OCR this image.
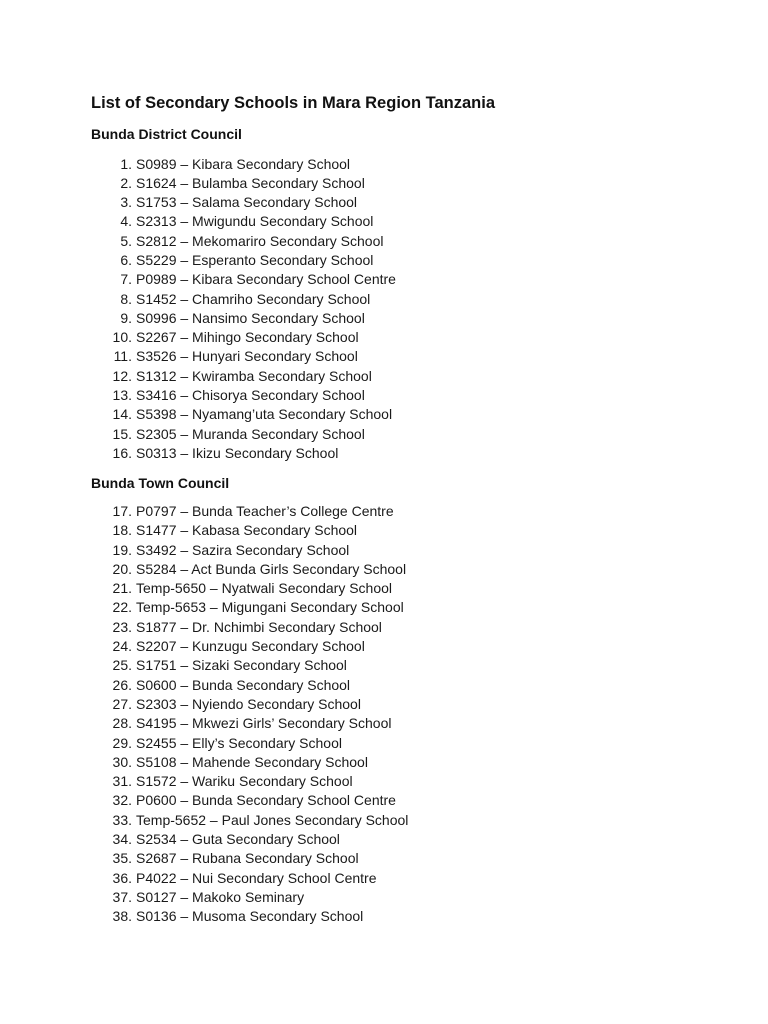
List of Secondary Schools in Mara Region Tanzania
Bunda District Council
1. S0989 – Kibara Secondary School
2. S1624 – Bulamba Secondary School
3. S1753 – Salama Secondary School
4. S2313 – Mwigundu Secondary School
5. S2812 – Mekomariro Secondary School
6. S5229 – Esperanto Secondary School
7. P0989 – Kibara Secondary School Centre
8. S1452 – Chamriho Secondary School
9. S0996 – Nansimo Secondary School
10. S2267 – Mihingo Secondary School
11. S3526 – Hunyari Secondary School
12. S1312 – Kwiramba Secondary School
13. S3416 – Chisorya Secondary School
14. S5398 – Nyamang’uta Secondary School
15. S2305 – Muranda Secondary School
16. S0313 – Ikizu Secondary School
Bunda Town Council
17. P0797 – Bunda Teacher’s College Centre
18. S1477 – Kabasa Secondary School
19. S3492 – Sazira Secondary School
20. S5284 – Act Bunda Girls Secondary School
21. Temp-5650 – Nyatwali Secondary School
22. Temp-5653 – Migungani Secondary School
23. S1877 – Dr. Nchimbi Secondary School
24. S2207 – Kunzugu Secondary School
25. S1751 – Sizaki Secondary School
26. S0600 – Bunda Secondary School
27. S2303 – Nyiendo Secondary School
28. S4195 – Mkwezi Girls’ Secondary School
29. S2455 – Elly’s Secondary School
30. S5108 – Mahende Secondary School
31. S1572 – Wariku Secondary School
32. P0600 – Bunda Secondary School Centre
33. Temp-5652 – Paul Jones Secondary School
34. S2534 – Guta Secondary School
35. S2687 – Rubana Secondary School
36. P4022 – Nui Secondary School Centre
37. S0127 – Makoko Seminary
38. S0136 – Musoma Secondary School
